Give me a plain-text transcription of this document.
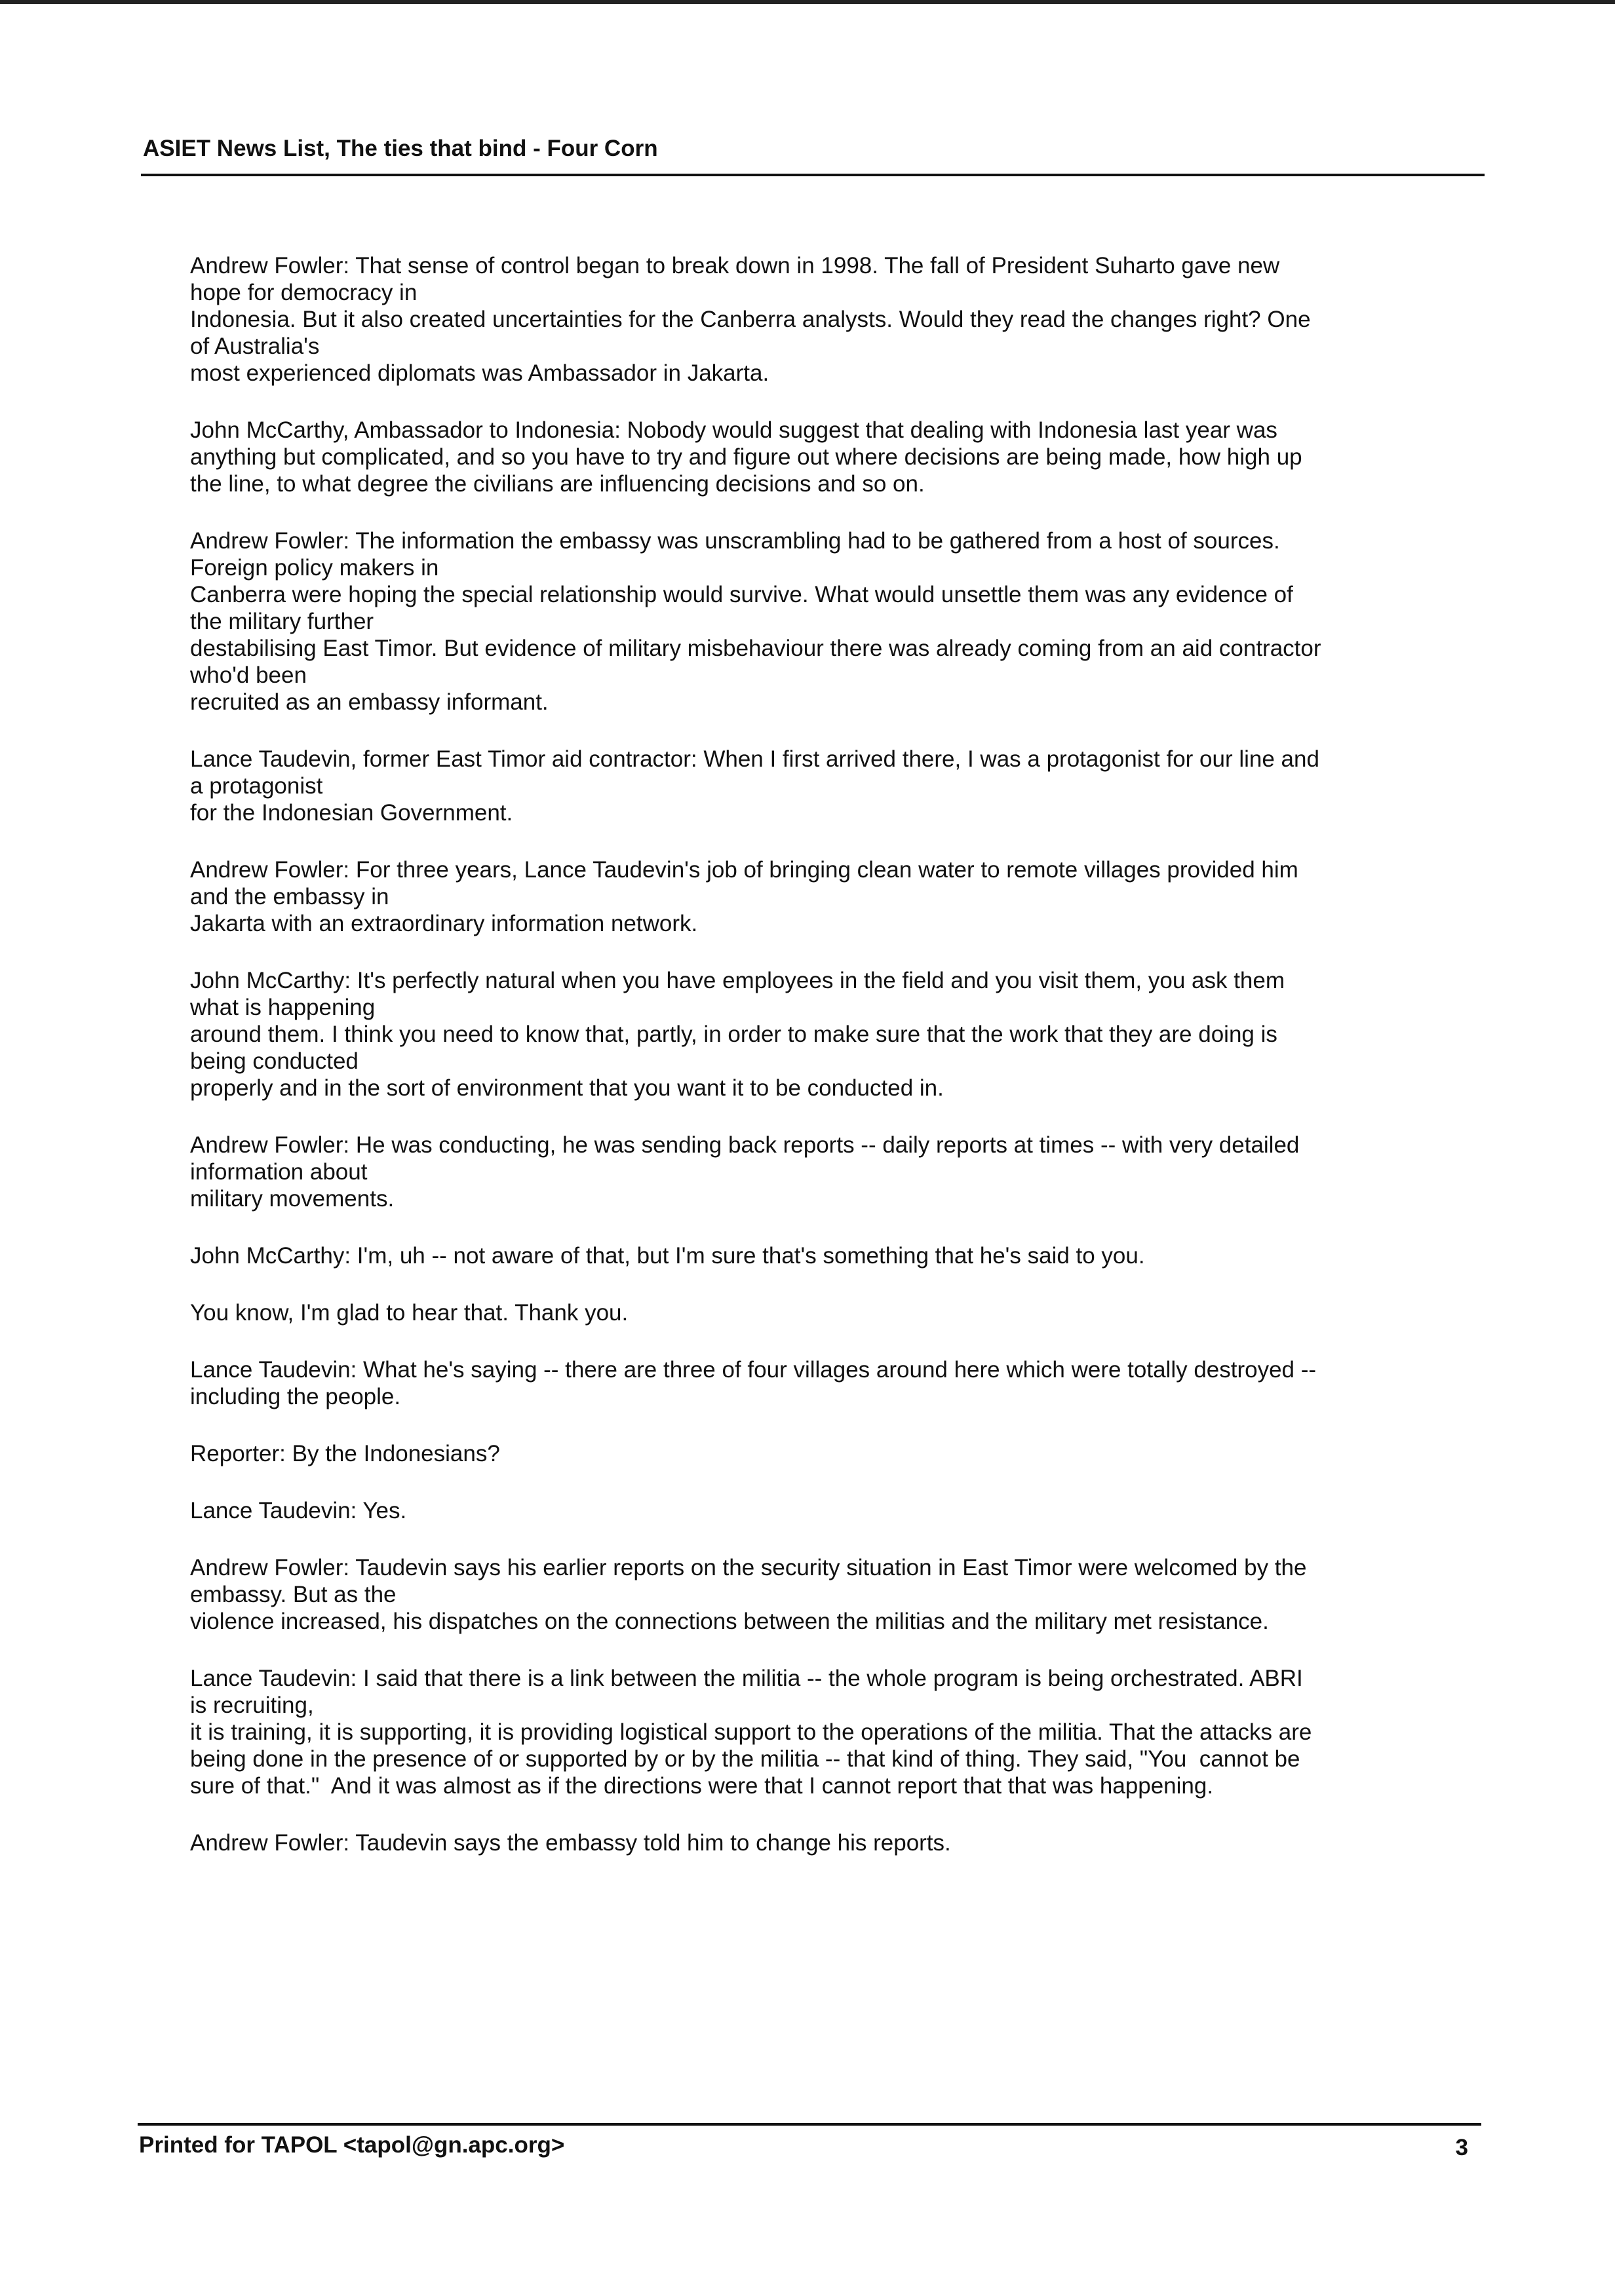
ASIET News List, The ties that bind - Four Corn

Andrew Fowler: That sense of control began to break down in 1998. The fall of President Suharto gave new
hope for democracy in
Indonesia. But it also created uncertainties for the Canberra analysts. Would they read the changes right? One
of Australia's
most experienced diplomats was Ambassador in Jakarta.

John McCarthy, Ambassador to Indonesia: Nobody would suggest that dealing with Indonesia last year was
anything but complicated, and so you have to try and figure out where decisions are being made, how high up
the line, to what degree the civilians are influencing decisions and so on.

Andrew Fowler: The information the embassy was unscrambling had to be gathered from a host of sources.
Foreign policy makers in
Canberra were hoping the special relationship would survive. What would unsettle them was any evidence of
the military further
destabilising East Timor. But evidence of military misbehaviour there was already coming from an aid contractor
who'd been
recruited as an embassy informant.

Lance Taudevin, former East Timor aid contractor: When I first arrived there, I was a protagonist for our line and
a protagonist
for the Indonesian Government.

Andrew Fowler: For three years, Lance Taudevin's job of bringing clean water to remote villages provided him
and the embassy in
Jakarta with an extraordinary information network.

John McCarthy: It's perfectly natural when you have employees in the field and you visit them, you ask them
what is happening
around them. I think you need to know that, partly, in order to make sure that the work that they are doing is
being conducted
properly and in the sort of environment that you want it to be conducted in.

Andrew Fowler: He was conducting, he was sending back reports -- daily reports at times -- with very detailed
information about
military movements.

John McCarthy: I'm, uh -- not aware of that, but I'm sure that's something that he's said to you.

You know, I'm glad to hear that. Thank you.

Lance Taudevin: What he's saying -- there are three of four villages around here which were totally destroyed --
including the people.

Reporter: By the Indonesians?

Lance Taudevin: Yes.

Andrew Fowler: Taudevin says his earlier reports on the security situation in East Timor were welcomed by the
embassy. But as the
violence increased, his dispatches on the connections between the militias and the military met resistance.

Lance Taudevin: I said that there is a link between the militia -- the whole program is being orchestrated. ABRI
is recruiting,
it is training, it is supporting, it is providing logistical support to the operations of the militia. That the attacks are
being done in the presence of or supported by or by the militia -- that kind of thing. They said, "You  cannot be
sure of that."  And it was almost as if the directions were that I cannot report that that was happening.

Andrew Fowler: Taudevin says the embassy told him to change his reports.

Printed for TAPOL <tapol@gn.apc.org>	3
